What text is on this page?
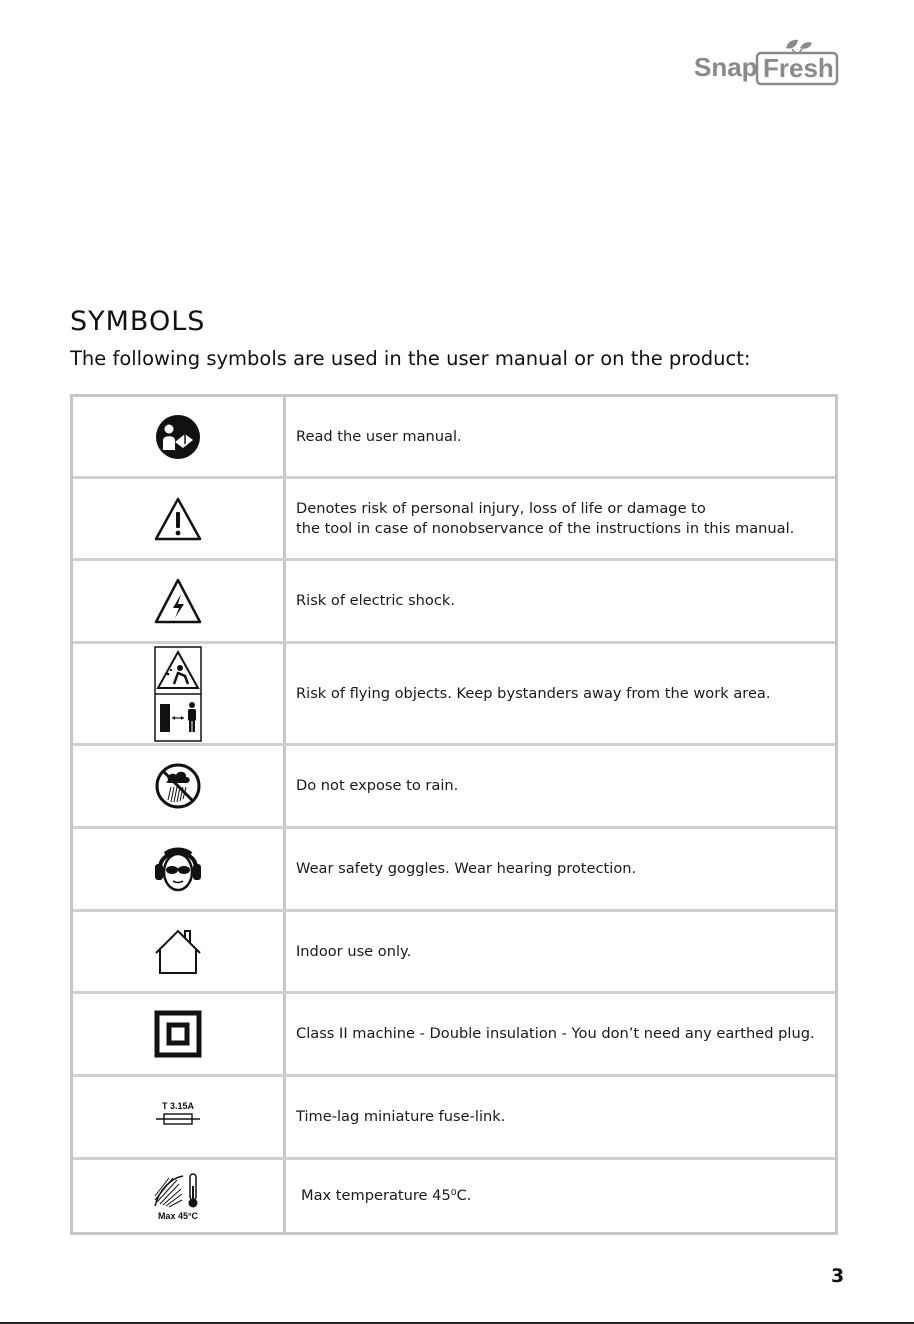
Snap Fresh
SYMBOLS

The following symbols are used in the user manual or on the product:

Read the user manual.
Denotes risk of personal injury, loss of life or damage to
the tool in case of nonobservance of the instructions in this manual.
Risk of electric shock.
Risk of flying objects. Keep bystanders away from the work area.
Do not expose to rain.
Wear safety goggles. Wear hearing protection.
Indoor use only.
Class II machine - Double insulation - You don’t need any earthed plug.
T 3.15A
Time-lag miniature fuse-link.
Max 45°C
Max temperature 45⁰C.
3
